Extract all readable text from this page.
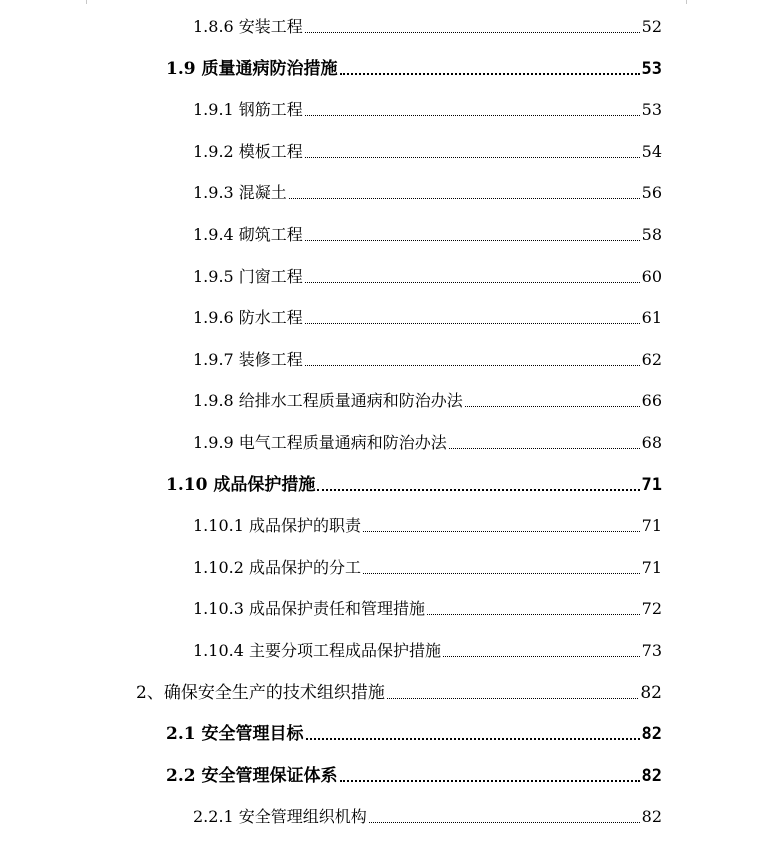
1.8.6 安装工程	52
1.9 质量通病防治措施	53
1.9.1 钢筋工程	53
1.9.2 模板工程	54
1.9.3 混凝土	56
1.9.4 砌筑工程	58
1.9.5 门窗工程	60
1.9.6 防水工程	61
1.9.7 装修工程	62
1.9.8 给排水工程质量通病和防治办法	66
1.9.9 电气工程质量通病和防治办法	68
1.10 成品保护措施	71
1.10.1 成品保护的职责	71
1.10.2 成品保护的分工	71
1.10.3 成品保护责任和管理措施	72
1.10.4 主要分项工程成品保护措施	73
2、确保安全生产的技术组织措施	82
2.1 安全管理目标	82
2.2 安全管理保证体系	82
2.2.1 安全管理组织机构	82
